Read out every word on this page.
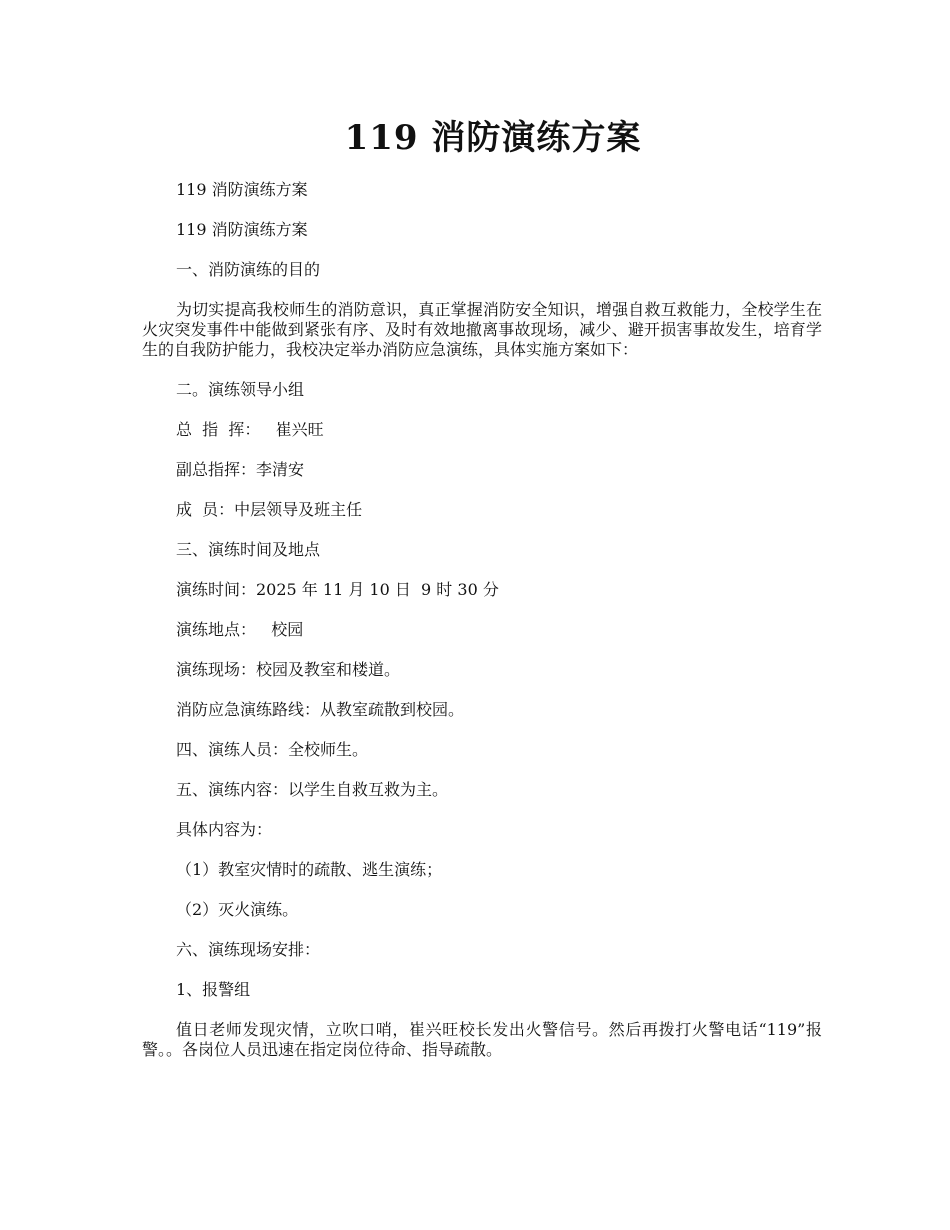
119 消防演练方案

119 消防演练方案

119 消防演练方案

一、消防演练的目的

为切实提高我校师生的消防意识，真正掌握消防安全知识，增强自救互救能力，全校学生在火灾突发事件中能做到紧张有序、及时有效地撤离事故现场，减少、避开损害事故发生，培育学生的自我防护能力，我校决定举办消防应急演练，具体实施方案如下：

二。演练领导小组

总  指  挥：   崔兴旺

副总指挥：李清安

成  员：中层领导及班主任

三、演练时间及地点

演练时间：2025 年 11 月 10 日  9 时 30 分

演练地点：   校园

演练现场：校园及教室和楼道。

消防应急演练路线：从教室疏散到校园。

四、演练人员：全校师生。

五、演练内容：以学生自救互救为主。

具体内容为：

（1）教室灾情时的疏散、逃生演练；

（2）灭火演练。

六、演练现场安排：

1、报警组

值日老师发现灾情，立吹口哨，崔兴旺校长发出火警信号。然后再拨打火警电话“119”报警。。各岗位人员迅速在指定岗位待命、指导疏散。
